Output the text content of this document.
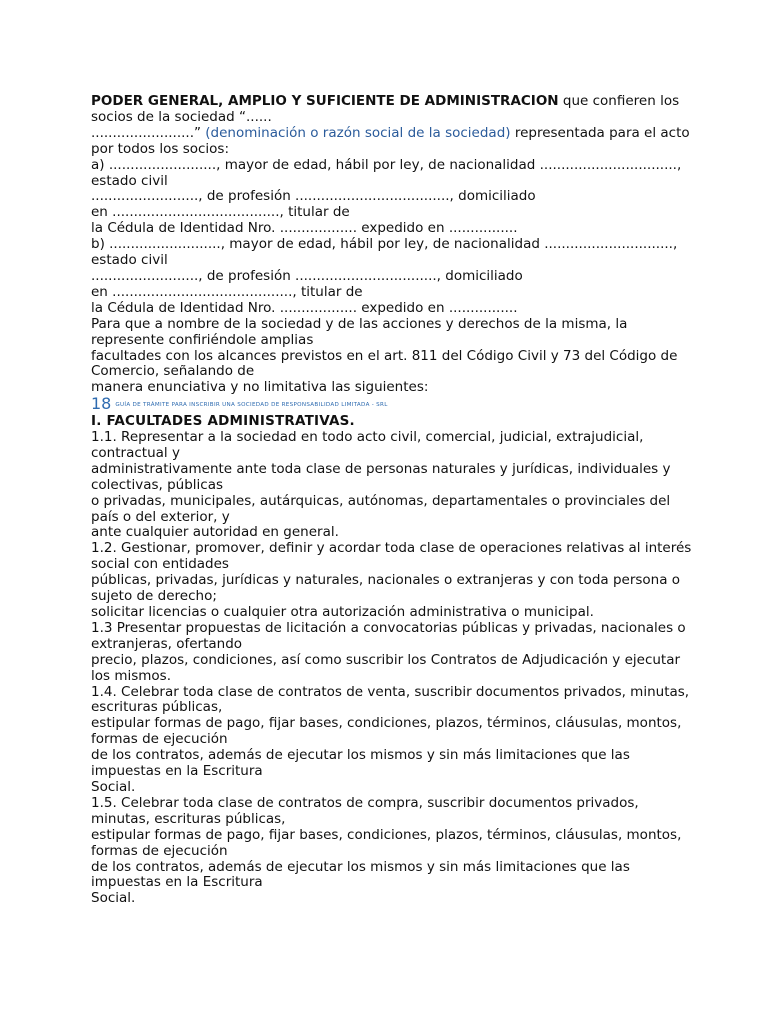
PODER GENERAL, AMPLIO Y SUFICIENTE DE ADMINISTRACION que confieren los
socios de la sociedad “......
........................” (denominación o razón social de la sociedad) representada para el acto
por todos los socios:
a) ........................., mayor de edad, hábil por ley, de nacionalidad ................................,
estado civil
........................., de profesión ...................................., domiciliado
en ......................................., titular de
la Cédula de Identidad Nro. .................. expedido en ................
b) .........................., mayor de edad, hábil por ley, de nacionalidad ..............................,
estado civil
........................., de profesión ................................., domiciliado
en .........................................., titular de
la Cédula de Identidad Nro. .................. expedido en ................
Para que a nombre de la sociedad y de las acciones y derechos de la misma, la
represente confiriéndole amplias
facultades con los alcances previstos en el art. 811 del Código Civil y 73 del Código de
Comercio, señalando de
manera enunciativa y no limitativa las siguientes:
18 $^{GUÍA DE TRÁMITE PARA INSCRIBIR UNA SOCIEDAD DE RESPONSABILIDAD LIMITADA - SRL}$
I. FACULTADES ADMINISTRATIVAS.
1.1. Representar a la sociedad en todo acto civil, comercial, judicial, extrajudicial,
contractual y
administrativamente ante toda clase de personas naturales y jurídicas, individuales y
colectivas, públicas
o privadas, municipales, autárquicas, autónomas, departamentales o provinciales del
país o del exterior, y
ante cualquier autoridad en general.
1.2. Gestionar, promover, definir y acordar toda clase de operaciones relativas al interés
social con entidades
públicas, privadas, jurídicas y naturales, nacionales o extranjeras y con toda persona o
sujeto de derecho;
solicitar licencias o cualquier otra autorización administrativa o municipal.
1.3 Presentar propuestas de licitación a convocatorias públicas y privadas, nacionales o
extranjeras, ofertando
precio, plazos, condiciones, así como suscribir los Contratos de Adjudicación y ejecutar
los mismos.
1.4. Celebrar toda clase de contratos de venta, suscribir documentos privados, minutas,
escrituras públicas,
estipular formas de pago, fijar bases, condiciones, plazos, términos, cláusulas, montos,
formas de ejecución
de los contratos, además de ejecutar los mismos y sin más limitaciones que las
impuestas en la Escritura
Social.
1.5. Celebrar toda clase de contratos de compra, suscribir documentos privados,
minutas, escrituras públicas,
estipular formas de pago, fijar bases, condiciones, plazos, términos, cláusulas, montos,
formas de ejecución
de los contratos, además de ejecutar los mismos y sin más limitaciones que las
impuestas en la Escritura
Social.
